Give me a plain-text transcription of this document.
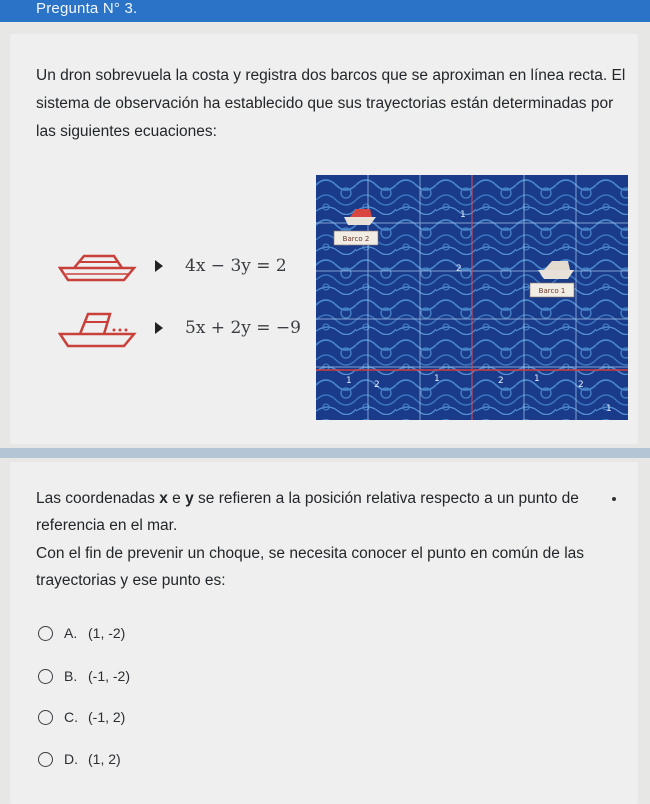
Pregunta N° 3.
Un dron sobrevuela la costa y registra dos barcos que se aproximan en línea recta. El sistema de observación ha establecido que sus trayectorias están determinadas por las siguientes ecuaciones:
4x − 3y = 2
5x + 2y = −9
Barco 2
Barco 1
1 2
1	2	1
2
1
2
1
Las coordenadas x e y se refieren a la posición relativa respecto a un punto de referencia en el mar.
Con el fin de prevenir un choque, se necesita conocer el punto en común de las trayectorias y ese punto es:
A. (1, -2)
B. (-1, -2)
C. (-1, 2)
D. (1, 2)
